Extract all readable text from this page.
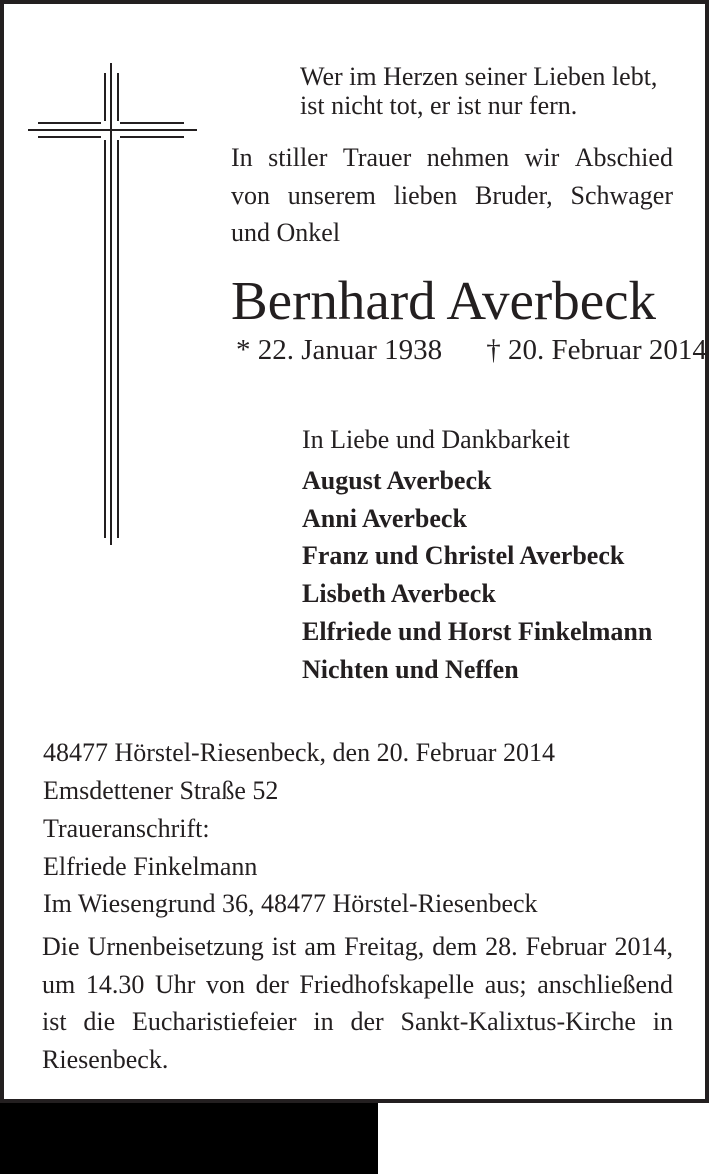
Wer im Herzen seiner Lieben lebt,
ist nicht tot, er ist nur fern.
In stiller Trauer nehmen wir Abschied
von unserem lieben Bruder, Schwager
und Onkel
Bernhard Averbeck
* 22. Januar 1938 † 20. Februar 2014
In Liebe und Dankbarkeit
August Averbeck
Anni Averbeck
Franz und Christel Averbeck
Lisbeth Averbeck
Elfriede und Horst Finkelmann
Nichten und Neffen
48477 Hörstel-Riesenbeck, den 20. Februar 2014
Emsdettener Straße 52
Traueranschrift:
Elfriede Finkelmann
Im Wiesengrund 36, 48477 Hörstel-Riesenbeck
Die Urnenbeisetzung ist am Freitag, dem 28. Februar 2014,
um 14.30 Uhr von der Friedhofskapelle aus; anschließend
ist die Eucharistiefeier in der Sankt-Kalixtus-Kirche in
Riesenbeck.
